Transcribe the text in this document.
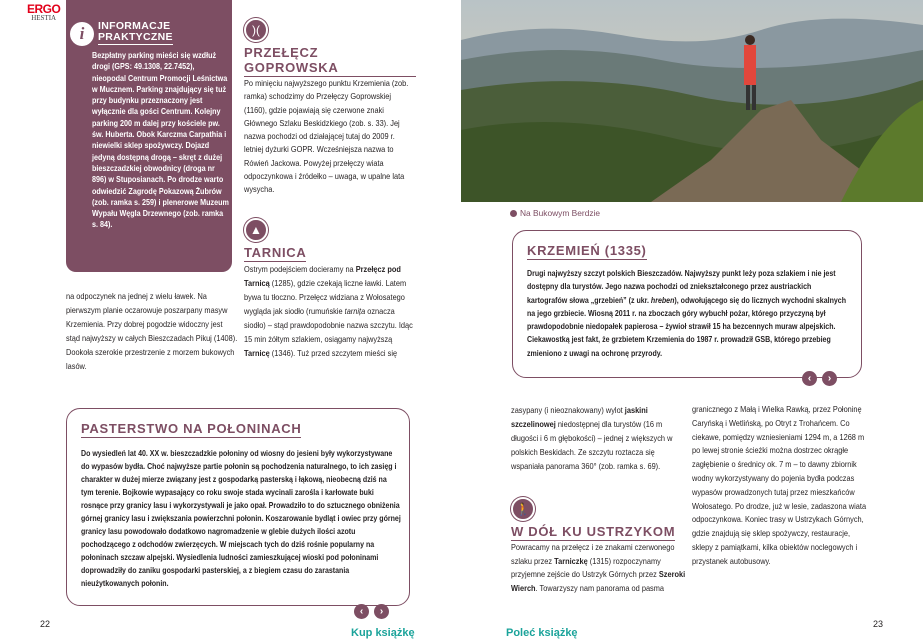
ERGO
HESTIA
i	INFORMACJE
PRAKTYCZNE
Bezpłatny parking mieści się wzdłuż drogi (GPS: 49.1308, 22.7452), nieopodal Centrum Promocji Leśnictwa w Mucznem. Parking znajdujący się tuż przy budynku przeznaczony jest wyłącznie dla gości Centrum. Kolejny parking 200 m dalej przy kościele pw. św. Huberta. Obok Karczma Carpathia i niewielki sklep spożywczy. Dojazd jedyną dostępną drogą – skręt z dużej bieszczadzkiej obwodnicy (droga nr 896) w Stuposianach. Po drodze warto odwiedzić Zagrodę Pokazową Żubrów (zob. ramka s. 259) i plenerowe Muzeum Wypału Węgla Drzewnego (zob. ramka s. 84).
na odpoczynek na jednej z wielu ławek. Na pierwszym planie oczarowuje poszarpany masyw Krzemienia. Przy dobrej pogodzie widoczny jest stąd najwyższy w całych Bieszczadach Pikuj (1408). Dookoła szerokie przestrzenie z morzem bukowych lasów.
)(
PRZEŁĘCZ GOPROWSKA
Po minięciu najwyższego punktu Krzemienia (zob. ramka) schodzimy do Przełęczy Goprowskiej (1160), gdzie pojawiają się czerwone znaki Głównego Szlaku Beskidzkiego (zob. s. 33). Jej nazwa pochodzi od działającej tutaj do 2009 r. letniej dyżurki GOPR. Wcześniejsza nazwa to Rówień Jackowa. Powyżej przełęczy wiata odpoczynkowa i źródełko – uwaga, w upalne lata wysycha.
▲
TARNICA
Ostrym podejściem docieramy na Przełęcz pod Tarnicą (1285), gdzie czekają liczne ławki. Latem bywa tu tłoczno. Przełęcz widziana z Wołosatego wygląda jak siodło (rumuńskie tarnița oznacza siodło) – stąd prawdopodobnie nazwa szczytu. Idąc 15 min żółtym szlakiem, osiągamy najwyższą Tarnicę (1346). Tuż przed szczytem mieści się
PASTERSTWO NA POŁONINACH
Do wysiedleń lat 40. XX w. bieszczadzkie połoniny od wiosny do jesieni były wykorzystywane do wypasów bydła. Choć najwyższe partie połonin są pochodzenia naturalnego, to ich zasięg i charakter w dużej mierze związany jest z gospodarką pasterską i łąkową, nieobecną dziś na tym terenie. Bojkowie wypasający co roku swoje stada wycinali zarośla i karłowate buki rosnące przy granicy lasu i wykorzystywali je jako opał. Prowadziło to do sztucznego obniżenia górnej granicy lasu i zwiększania powierzchni połonin. Koszarowanie bydląt i owiec przy górnej granicy lasu powodowało dodatkowo nagromadzenie w glebie dużych ilości azotu pochodzącego z odchodów zwierzęcych. W miejscach tych do dziś rośnie popularny na połoninach szczaw alpejski. Wysiedlenia ludności zamieszkującej wioski pod połoninami doprowadziły do zaniku gospodarki pasterskiej, a z biegiem czasu do zarastania nieużytkowanych połonin.
‹	›
Na Bukowym Berdzie
KRZEMIEŃ (1335)
Drugi najwyższy szczyt polskich Bieszczadów. Najwyższy punkt leży poza szlakiem i nie jest dostępny dla turystów. Jego nazwa pochodzi od zniekształconego przez austriackich kartografów słowa „grzebień” (z ukr. hreben), odwołującego się do licznych wychodni skalnych na jego grzbiecie. Wiosną 2011 r. na zboczach góry wybuchł pożar, którego przyczyną był prawdopodobnie niedopałek papierosa – żywioł strawił 15 ha bezcennych muraw alpejskich. Ciekawostką jest fakt, że grzbietem Krzemienia do 1987 r. prowadził GSB, którego przebieg zmieniono z uwagi na ochronę przyrody.
‹	›
zasypany (i nieoznakowany) wylot jaskini szczelinowej niedostępnej dla turystów (16 m długości i 6 m głębokości) – jednej z większych w polskich Beskidach. Ze szczytu roztacza się wspaniała panorama 360° (zob. ramka s. 69).
🚶
W DÓŁ KU USTRZYKOM
Powracamy na przełęcz i ze znakami czerwonego szlaku przez Tarniczkę (1315) rozpoczynamy przyjemne zejście do Ustrzyk Górnych przez Szeroki Wierch. Towarzyszy nam panorama od pasma
granicznego z Małą i Wielka Rawką, przez Połoninę Caryńską i Wetlińską, po Otryt z Trohańcem. Co ciekawe, pomiędzy wzniesieniami 1294 m, a 1268 m po lewej stronie ścieżki można dostrzec okrągłe zagłębienie o średnicy ok. 7 m – to dawny zbiornik wodny wykorzystywany do pojenia bydła podczas wypasów prowadzonych tutaj przez mieszkańców Wołosatego. Po drodze, już w lesie, zadaszona wiata odpoczynkowa. Koniec trasy w Ustrzykach Górnych, gdzie znajdują się sklep spożywczy, restauracje, sklepy z pamiątkami, kilka obiektów noclegowych i przystanek autobusowy.
22	23
Kup książkę	Poleć książkę
